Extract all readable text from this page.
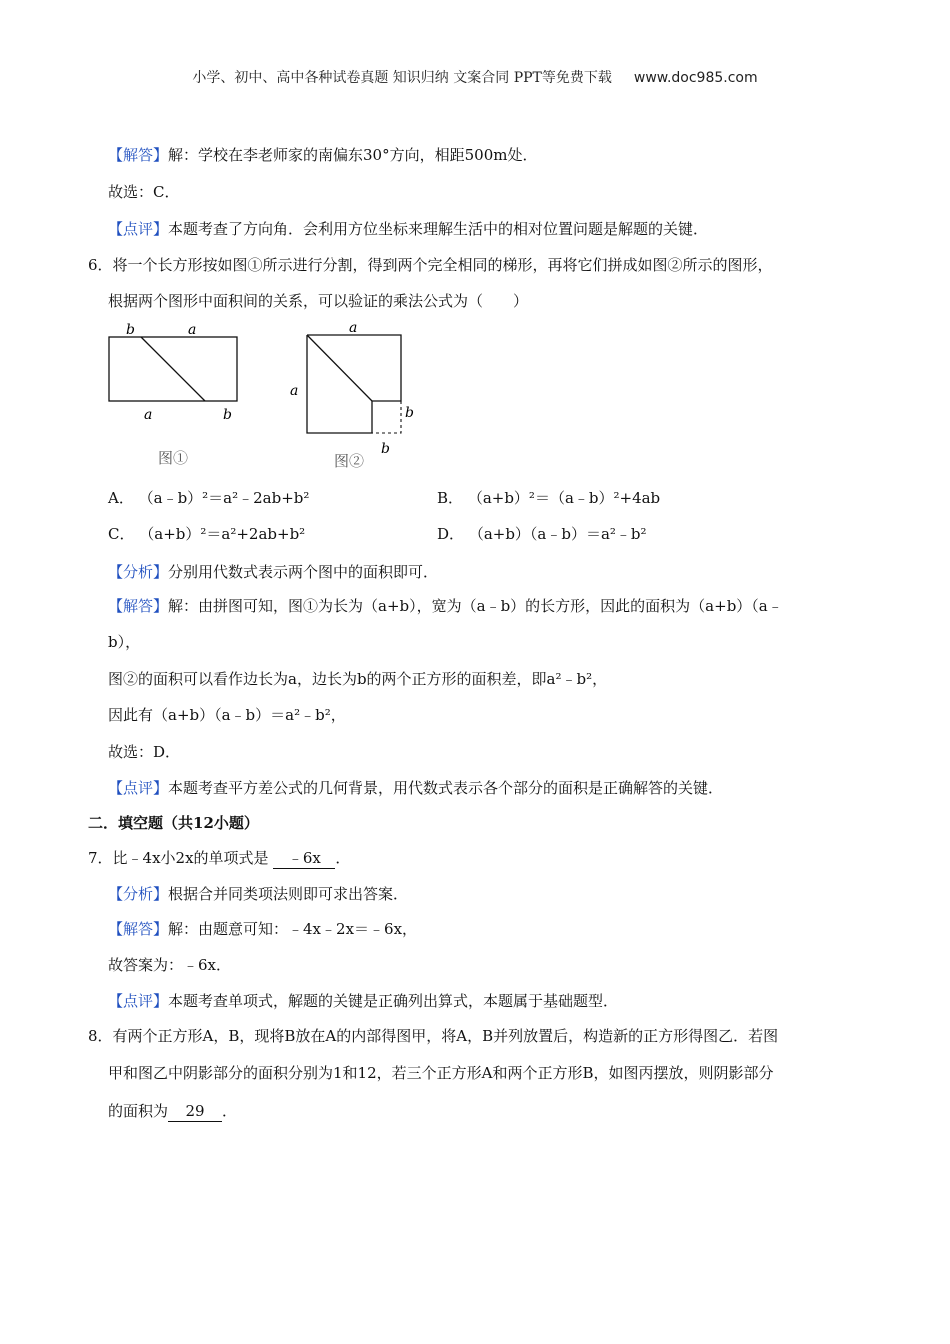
小学、初中、高中各种试卷真题 知识归纳 文案合同 PPT等免费下载 www.doc985.com
【解答】解：学校在李老师家的南偏东30°方向，相距500m处．
故选：C．
【点评】本题考查了方向角．会利用方位坐标来理解生活中的相对位置问题是解题的关键．
6．将一个长方形按如图①所示进行分割，得到两个完全相同的梯形，再将它们拼成如图②所示的图形，
根据两个图形中面积间的关系，可以验证的乘法公式为（　　）
b	a
a	b
图①
a
a
b
b
图②
A． （a﹣b）²＝a²﹣2ab+b²	B． （a+b）²＝（a﹣b）²+4ab
C． （a+b）²＝a²+2ab+b²	D． （a+b）（a﹣b）＝a²﹣b²
【分析】分别用代数式表示两个图中的面积即可．
【解答】解：由拼图可知，图①为长为（a+b），宽为（a﹣b）的长方形，因此的面积为（a+b）（a﹣
b），
图②的面积可以看作边长为a，边长为b的两个正方形的面积差，即a²﹣b²，
因此有（a+b）（a﹣b）＝a²﹣b²，
故选：D．
【点评】本题考查平方差公式的几何背景，用代数式表示各个部分的面积是正确解答的关键．
二．填空题（共12小题）
7．比﹣4x小2x的单项式是 ﹣6x ．
【分析】根据合并同类项法则即可求出答案．
【解答】解：由题意可知：﹣4x﹣2x＝﹣6x，
故答案为：﹣6x．
【点评】本题考查单项式，解题的关键是正确列出算式，本题属于基础题型．
8．有两个正方形A，B，现将B放在A的内部得图甲，将A，B并列放置后，构造新的正方形得图乙．若图
甲和图乙中阴影部分的面积分别为1和12，若三个正方形A和两个正方形B，如图丙摆放，则阴影部分
的面积为 29 ．
